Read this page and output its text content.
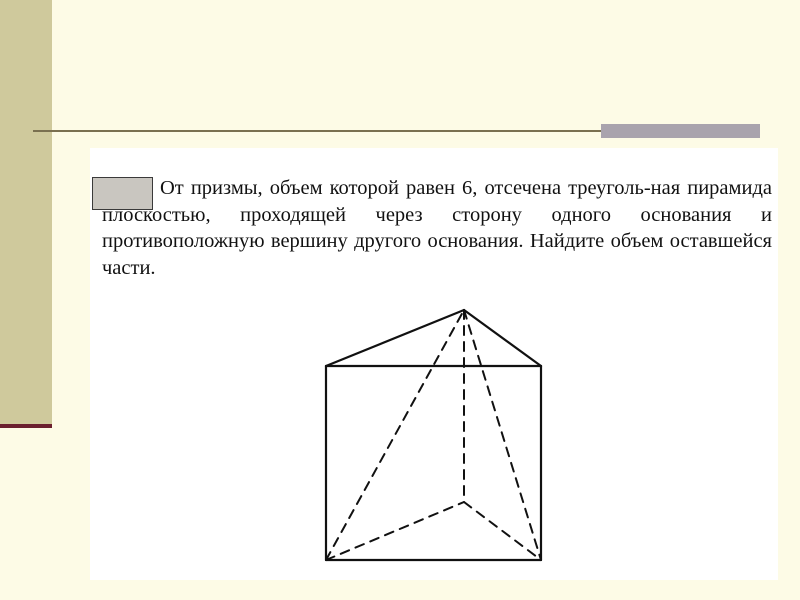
От призмы, объем которой равен 6, отсечена треуголь-ная пирамида плоскостью, проходящей через сторону одного основания и противоположную вершину другого основания. Найдите объем оставшейся части.
